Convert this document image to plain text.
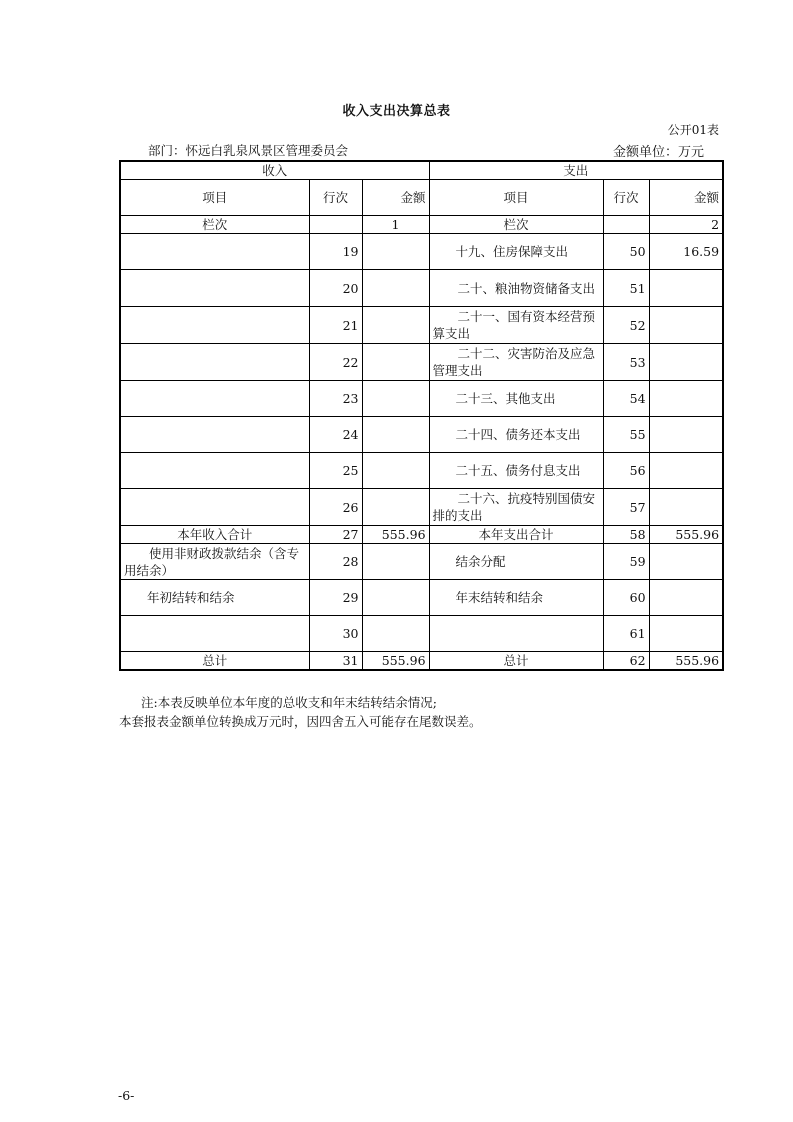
收入支出决算总表
公开01表
部门：怀远白乳泉风景区管理委员会	金额单位：万元
收入			支出		
项目	行次	金额	项目	行次	金额
栏次		1	栏次		2
	19		十九、住房保障支出	50	16.59
	20		二十、粮油物资储备支出	51	
	21		二十一、国有资本经营预算支出	52	
	22		二十二、灾害防治及应急管理支出	53	
	23		二十三、其他支出	54	
	24		二十四、债务还本支出	55	
	25		二十五、债务付息支出	56	
	26		二十六、抗疫特别国债安排的支出	57	
本年收入合计	27	555.96	本年支出合计	58	555.96
使用非财政拨款结余（含专用结余）	28		结余分配	59	
年初结转和结余	29		年末结转和结余	60	
	30			61	
总计	31	555.96	总计	62	555.96
注:本表反映单位本年度的总收支和年末结转结余情况;
本套报表金额单位转换成万元时，因四舍五入可能存在尾数误差。
-6-
